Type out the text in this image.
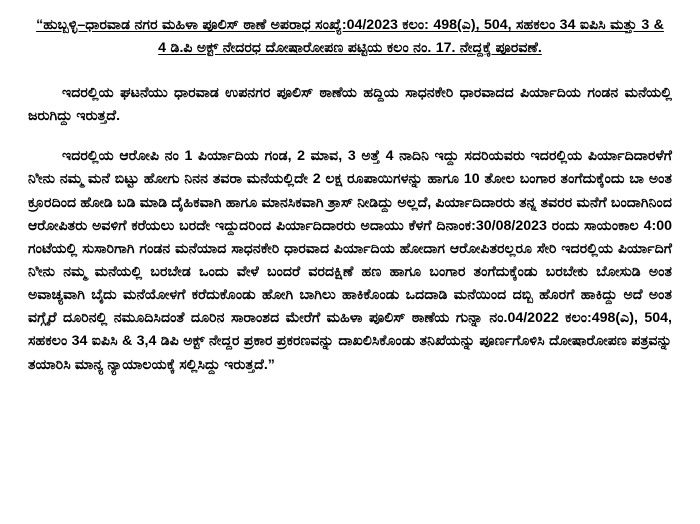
“ಹುಬ್ಬಳ್ಳಿ–ಧಾರವಾಡ ನಗರ ಮಹಿಳಾ ಪೂಲಿಸ್ ಠಾಣೆ ಅಪರಾಧ ಸಂಖ್ಯೆ:04/2023 ಕಲಂ: 498(ಎ), 504, ಸಹಕಲಂ 34 ಐಪಿಸಿ ಮತ್ತು 3 & 4 ಡಿ.ಪಿ ಅಕ್ಟ್ ನೇದರಧ ದೋಷಾರೋಪಣ ಪಟ್ಟಿಯ ಕಲಂ ನಂ. 17. ನೇದ್ದಕ್ಕೆ ಪೂರವಣೆ.

ಇದರಲ್ಲಿಯ ಘಟನೆಯು ಧಾರವಾಡ ಉಪನಗರ ಪೂಲಿಸ್ ಠಾಣೆಯ ಹದ್ದಿಯ ಸಾಧನಕೇರಿ ಧಾರವಾದದ ಪಿರ್ಯಾದಿಯ ಗಂಡನ ಮನೆಯಲ್ಲಿ ಜರುಗಿದ್ದು ಇರುತ್ತದೆ.

ಇದರಲ್ಲಿಯ ಆರೋಪಿ ನಂ 1 ಪಿರ್ಯಾದಿಯ ಗಂಡ, 2 ಮಾವ, 3 ಅತ್ತೆ 4 ನಾದಿನಿ ಇದ್ದು ಸದರಿಯವರು ಇದರಲ್ಲಿಯ ಪಿರ್ಯಾದಿದಾರಳೆಗೆ ನಿೀನು ನಮ್ಮ ಮನೆ ಬಿಟ್ಟು ಹೋಗು ನಿನನ ತವರಾ ಮನೆಯಲ್ಲಿದೇ 2 ಲಕ್ಷ ರೂಪಾಯಿಗಳನ್ನು ಹಾಗೂ 10 ತೋಲ ಬಂಗಾರ ತಂಗೆದುಕ್ಕೆಂದು ಬಾ ಅಂತ ಕ್ರೂರದಿಂದ ಹೋಡಿ ಬಡಿ ಮಾಡಿ ದೈಹಿಕವಾಗಿ ಹಾಗೂ ಮಾನಸಿಕವಾಗಿ ತ್ರಾಸ್ ನೀಡಿದ್ದು ಅಲ್ಲದೆ, ಪಿರ್ಯಾದಿದಾರರು ತನ್ನ ತವರರ ಮನೆಗೆ ಬಂದಾಗಿನಿಂದ ಆರೋಪಿತರು ಅವಳಿಗೆ ಕರೆಯಲು ಬರದೇ ಇದ್ದುದರಿಂದ ಪಿರ್ಯಾದಿದಾರರು ಅದಾಯು ಕೆಳಗೆ ದಿನಾಂಕ:30/08/2023 ರಂದು ಸಾಯಂಕಾಲ 4:00 ಗಂಟೆಯಲ್ಲಿ ಸುಸಾರಿಗಾಗಿ ಗಂಡನ ಮನೆಯಾದ ಸಾಧನಕೇರಿ ಧಾರವಾದ ಪಿರ್ಯಾದಿಯ ಹೋದಾಗ ಆರೋಪಿತರಲ್ಲರೂ ಸೇರಿ ಇದರಲ್ಲಿಯ ಪಿರ್ಯಾದಿಗೆ ನಿೀನು ನಮ್ಮ ಮನೆಯಲ್ಲಿ ಬರಬೇಡ ಒಂದು ವೇಳೆ ಬಂದರೆ ವರದಕ್ಷಿಣೆ ಹಣ ಹಾಗೂ ಬಂಗಾರ ತಂಗೆದುಕ್ಕೆಂಡು ಬರಬೇಕು ಬೋಸುಡಿ ಅಂತ ಅವಾಚ್ಯವಾಗಿ ಬೈದು ಮನೆಯೋಳಗೆ ಕರೆದುಕೊಂಡು ಹೋಗಿ ಬಾಗಿಲು ಹಾಕಿಕೊಂಡು ಒದದಾಡಿ ಮನೆಯಿಂದ ದಬ್ಬಿ ಹೊರಗೆ ಹಾಕಿದ್ದು ಅದೆ ಅಂತ ವಗ್ಗೈರೆ ದೂರಿನಲ್ಲಿ ನಮೂದಿಸಿದಂತೆ ದೂರಿನ ಸಾರಾಂಶದ ಮೇರೆಗೆ ಮಹಿಳಾ ಪೂಲಿಸ್ ಠಾಣೆಯ ಗುನ್ನಾ ನಂ.04/2022 ಕಲಂ:498(ಎ), 504, ಸಹಕಲಂ 34 ಐಪಿಸಿ & 3,4 ಡಿಪಿ ಅಕ್ಟ್ ನೇದ್ದರ ಪ್ರಕಾರ ಪ್ರಕರಣವನ್ನು ದಾಖಲಿಸಿಕೊಂಡು ತನಿಖೆಯನ್ನು ಪೂರ್ಣಗೊಳಿಸಿ ದೋಷಾರೋಪಣ ಪತ್ರವನ್ನು ತಯಾರಿಸಿ ಮಾನ್ಯ ನ್ಯಾಯಾಲಯಕ್ಕೆ ಸಲ್ಲಿಸಿದ್ದು ಇರುತ್ತದೆ.”
